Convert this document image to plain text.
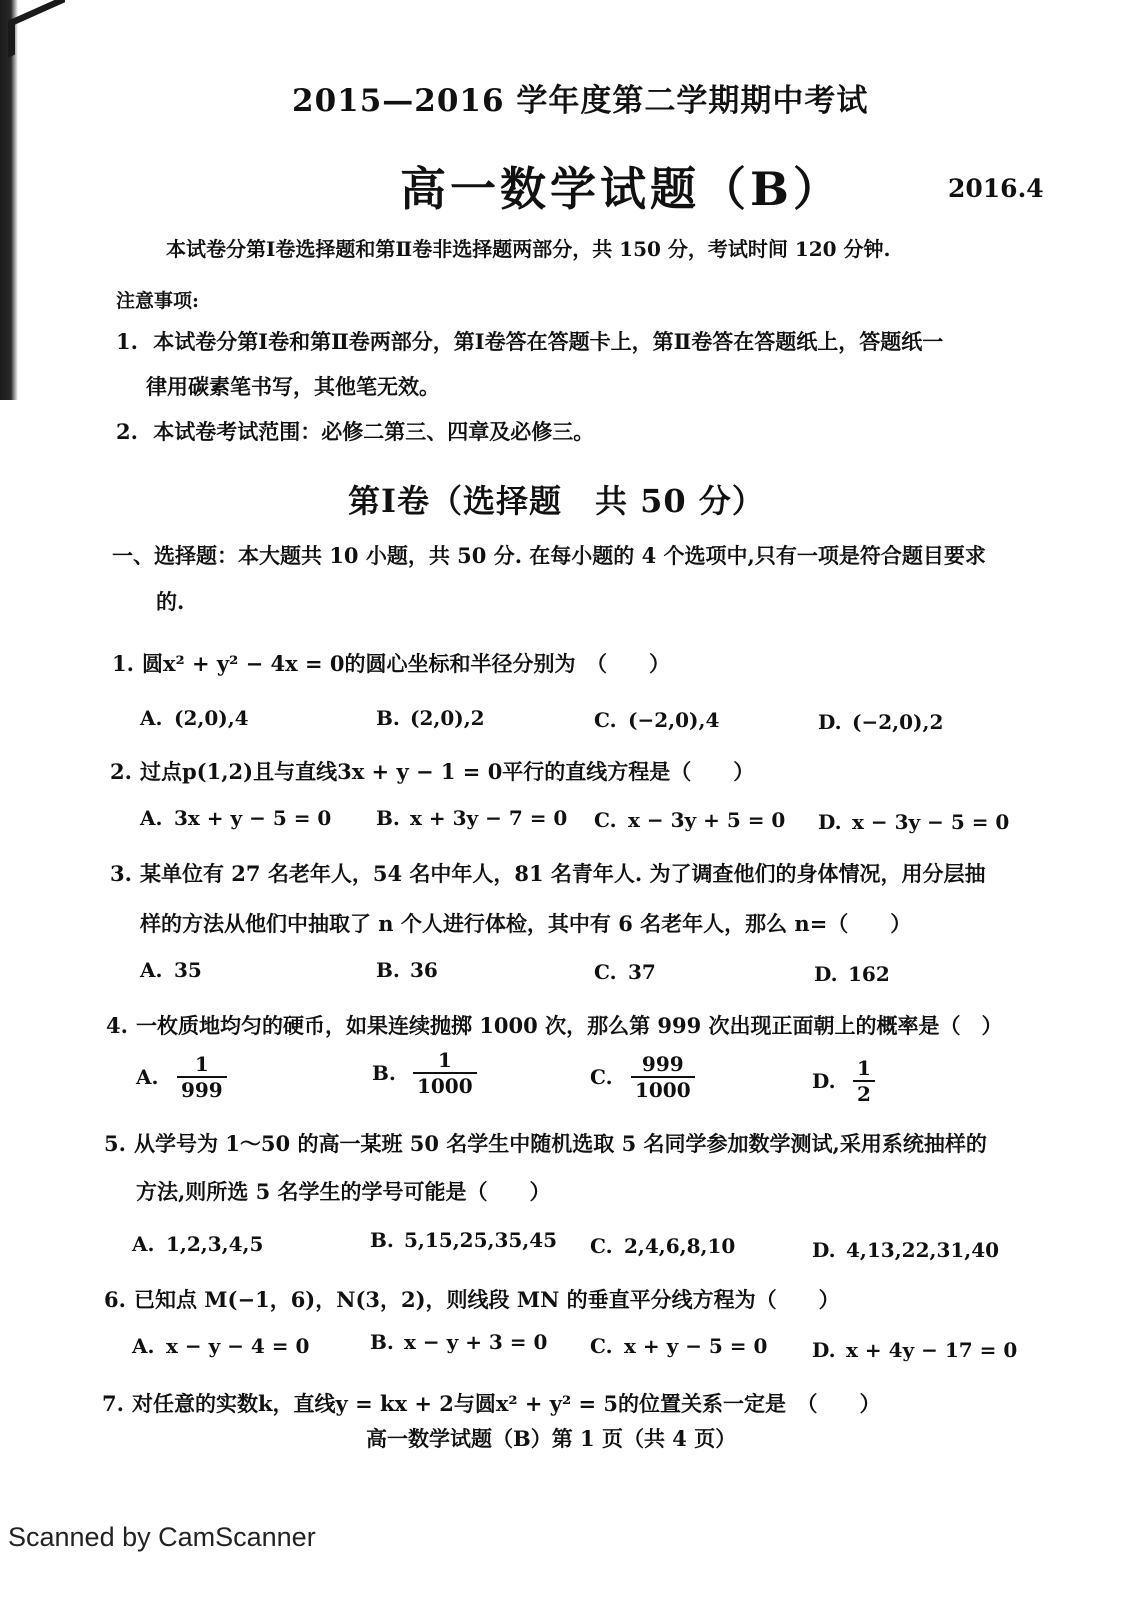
2015—2016 学年度第二学期期中考试
高一数学试题（B）	2016.4
本试卷分第Ⅰ卷选择题和第Ⅱ卷非选择题两部分，共 150 分，考试时间 120 分钟.
注意事项:
1. 本试卷分第Ⅰ卷和第Ⅱ卷两部分，第Ⅰ卷答在答题卡上，第Ⅱ卷答在答题纸上，答题纸一
律用碳素笔书写，其他笔无效。
2. 本试卷考试范围：必修二第三、四章及必修三。
第Ⅰ卷（选择题　共 50 分）
一、选择题：本大题共 10 小题，共 50 分. 在每小题的 4 个选项中,只有一项是符合题目要求
的.
1. 圆x² + y² − 4x = 0的圆心坐标和半径分别为　（　　）
A. (2,0),4	B. (2,0),2	C. (−2,0),4	D. (−2,0),2
2. 过点p(1,2)且与直线3x + y − 1 = 0平行的直线方程是（　　）
A. 3x + y − 5 = 0 B. x + 3y − 7 = 0 C. x − 3y + 5 = 0 D. x − 3y − 5 = 0
3. 某单位有 27 名老年人，54 名中年人，81 名青年人. 为了调查他们的身体情况，用分层抽
样的方法从他们中抽取了 n 个人进行体检，其中有 6 名老年人，那么 n=（　　）
A. 35	B. 36	C. 37	D. 162
4. 一枚质地均匀的硬币，如果连续抛掷 1000 次，那么第 999 次出现正面朝上的概率是（　）
A. $\frac{1}{999}$	B. $\frac{1}{1000}$	C. $\frac{999}{1000}$	D. $\frac{1}{2}$
5. 从学号为 1～50 的高一某班 50 名学生中随机选取 5 名同学参加数学测试,采用系统抽样的
方法,则所选 5 名学生的学号可能是（　　）
A. 1,2,3,4,5	B. 5,15,25,35,45 C. 2,4,6,8,10	D. 4,13,22,31,40
6. 已知点 M(−1，6)，N(3，2)，则线段 MN 的垂直平分线方程为（　　）
A. x − y − 4 = 0	B. x − y + 3 = 0 C. x + y − 5 = 0 D. x + 4y − 17 = 0
7. 对任意的实数k，直线y = kx + 2与圆x² + y² = 5的位置关系一定是　（　　）
高一数学试题（B）第 1 页（共 4 页）
Scanned by CamScanner
